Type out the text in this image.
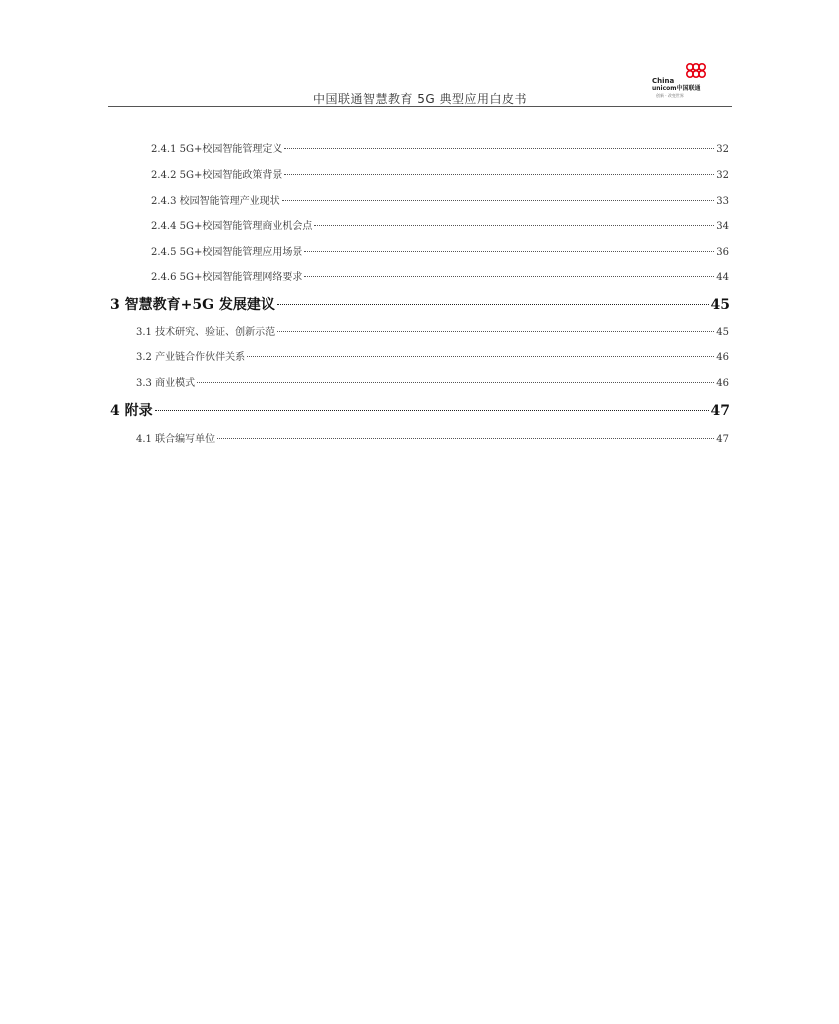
中国联通智慧教育 5G 典型应用白皮书
China
unicom中国联通
创新 · 改变世界
2.4.1 5G+校园智能管理定义	32
2.4.2 5G+校园智能政策背景	32
2.4.3 校园智能管理产业现状	33
2.4.4 5G+校园智能管理商业机会点	34
2.4.5 5G+校园智能管理应用场景	36
2.4.6 5G+校园智能管理网络要求	44
3 智慧教育+5G 发展建议	45
3.1 技术研究、验证、创新示范	45
3.2 产业链合作伙伴关系	46
3.3 商业模式	46
4 附录	47
4.1 联合编写单位	47
